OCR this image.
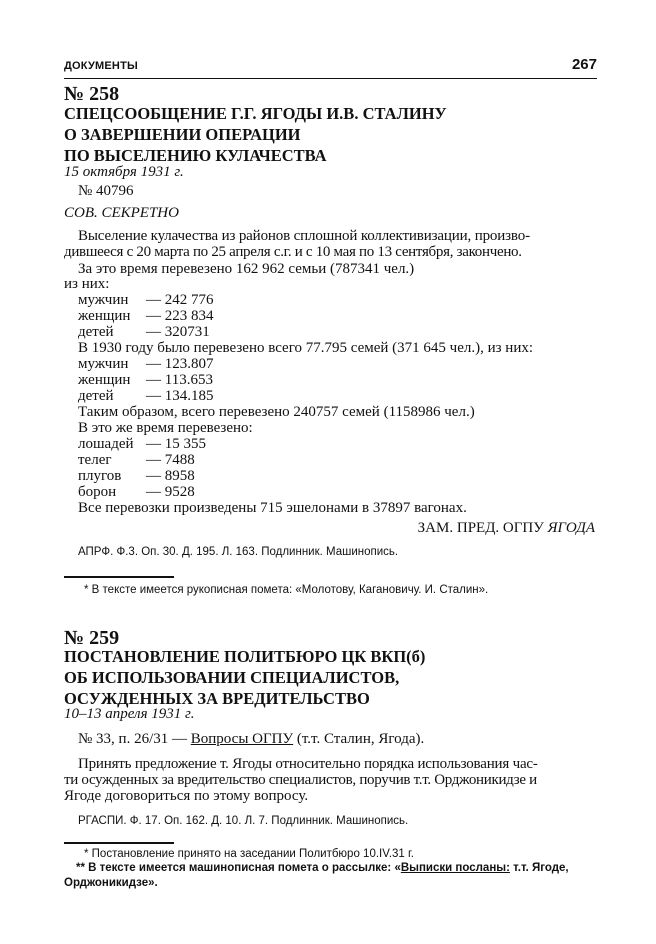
ДОКУМЕНТЫ	267
№ 258
СПЕЦСООБЩЕНИЕ Г.Г. ЯГОДЫ И.В. СТАЛИНУ
О ЗАВЕРШЕНИИ ОПЕРАЦИИ
ПО ВЫСЕЛЕНИЮ КУЛАЧЕСТВА
15 октября 1931 г.
№ 40796
СОВ. СЕКРЕТНО
Выселение кулачества из районов сплошной коллективизации, произво-
дившееся с 20 марта по 25 апреля с.г. и с 10 мая по 13 сентября, закончено.
За это время перевезено 162 962 семьи (787341 чел.)
из них:
мужчин — 242 776
женщин — 223 834
детей — 320731
В 1930 году было перевезено всего 77.795 семей (371 645 чел.), из них:
мужчин — 123.807
женщин — 113.653
детей — 134.185
Таким образом, всего перевезено 240757 семей (1158986 чел.)
В это же время перевезено:
лошадей — 15 355
телег — 7488
плугов — 8958
борон — 9528
Все перевозки произведены 715 эшелонами в 37897 вагонах.
ЗАМ. ПРЕД. ОГПУ ЯГОДА
АПРФ. Ф.3. Оп. 30. Д. 195. Л. 163. Подлинник. Машинопись.
* В тексте имеется рукописная помета: «Молотову, Кагановичу. И. Сталин».
№ 259
ПОСТАНОВЛЕНИЕ ПОЛИТБЮРО ЦК ВКП(б)
ОБ ИСПОЛЬЗОВАНИИ СПЕЦИАЛИСТОВ,
ОСУЖДЕННЫХ ЗА ВРЕДИТЕЛЬСТВО
10–13 апреля 1931 г.
№ 33, п. 26/31 — Вопросы ОГПУ (т.т. Сталин, Ягода).
Принять предложение т. Ягоды относительно порядка использования час-
ти осужденных за вредительство специалистов, поручив т.т. Орджоникидзе и
Ягоде договориться по этому вопросу.
РГАСПИ. Ф. 17. Оп. 162. Д. 10. Л. 7. Подлинник. Машинопись.
* Постановление принято на заседании Политбюро 10.IV.31 г.
** В тексте имеется машинописная помета о рассылке: «Выписки посланы: т.т. Ягоде,
Орджоникидзе».
